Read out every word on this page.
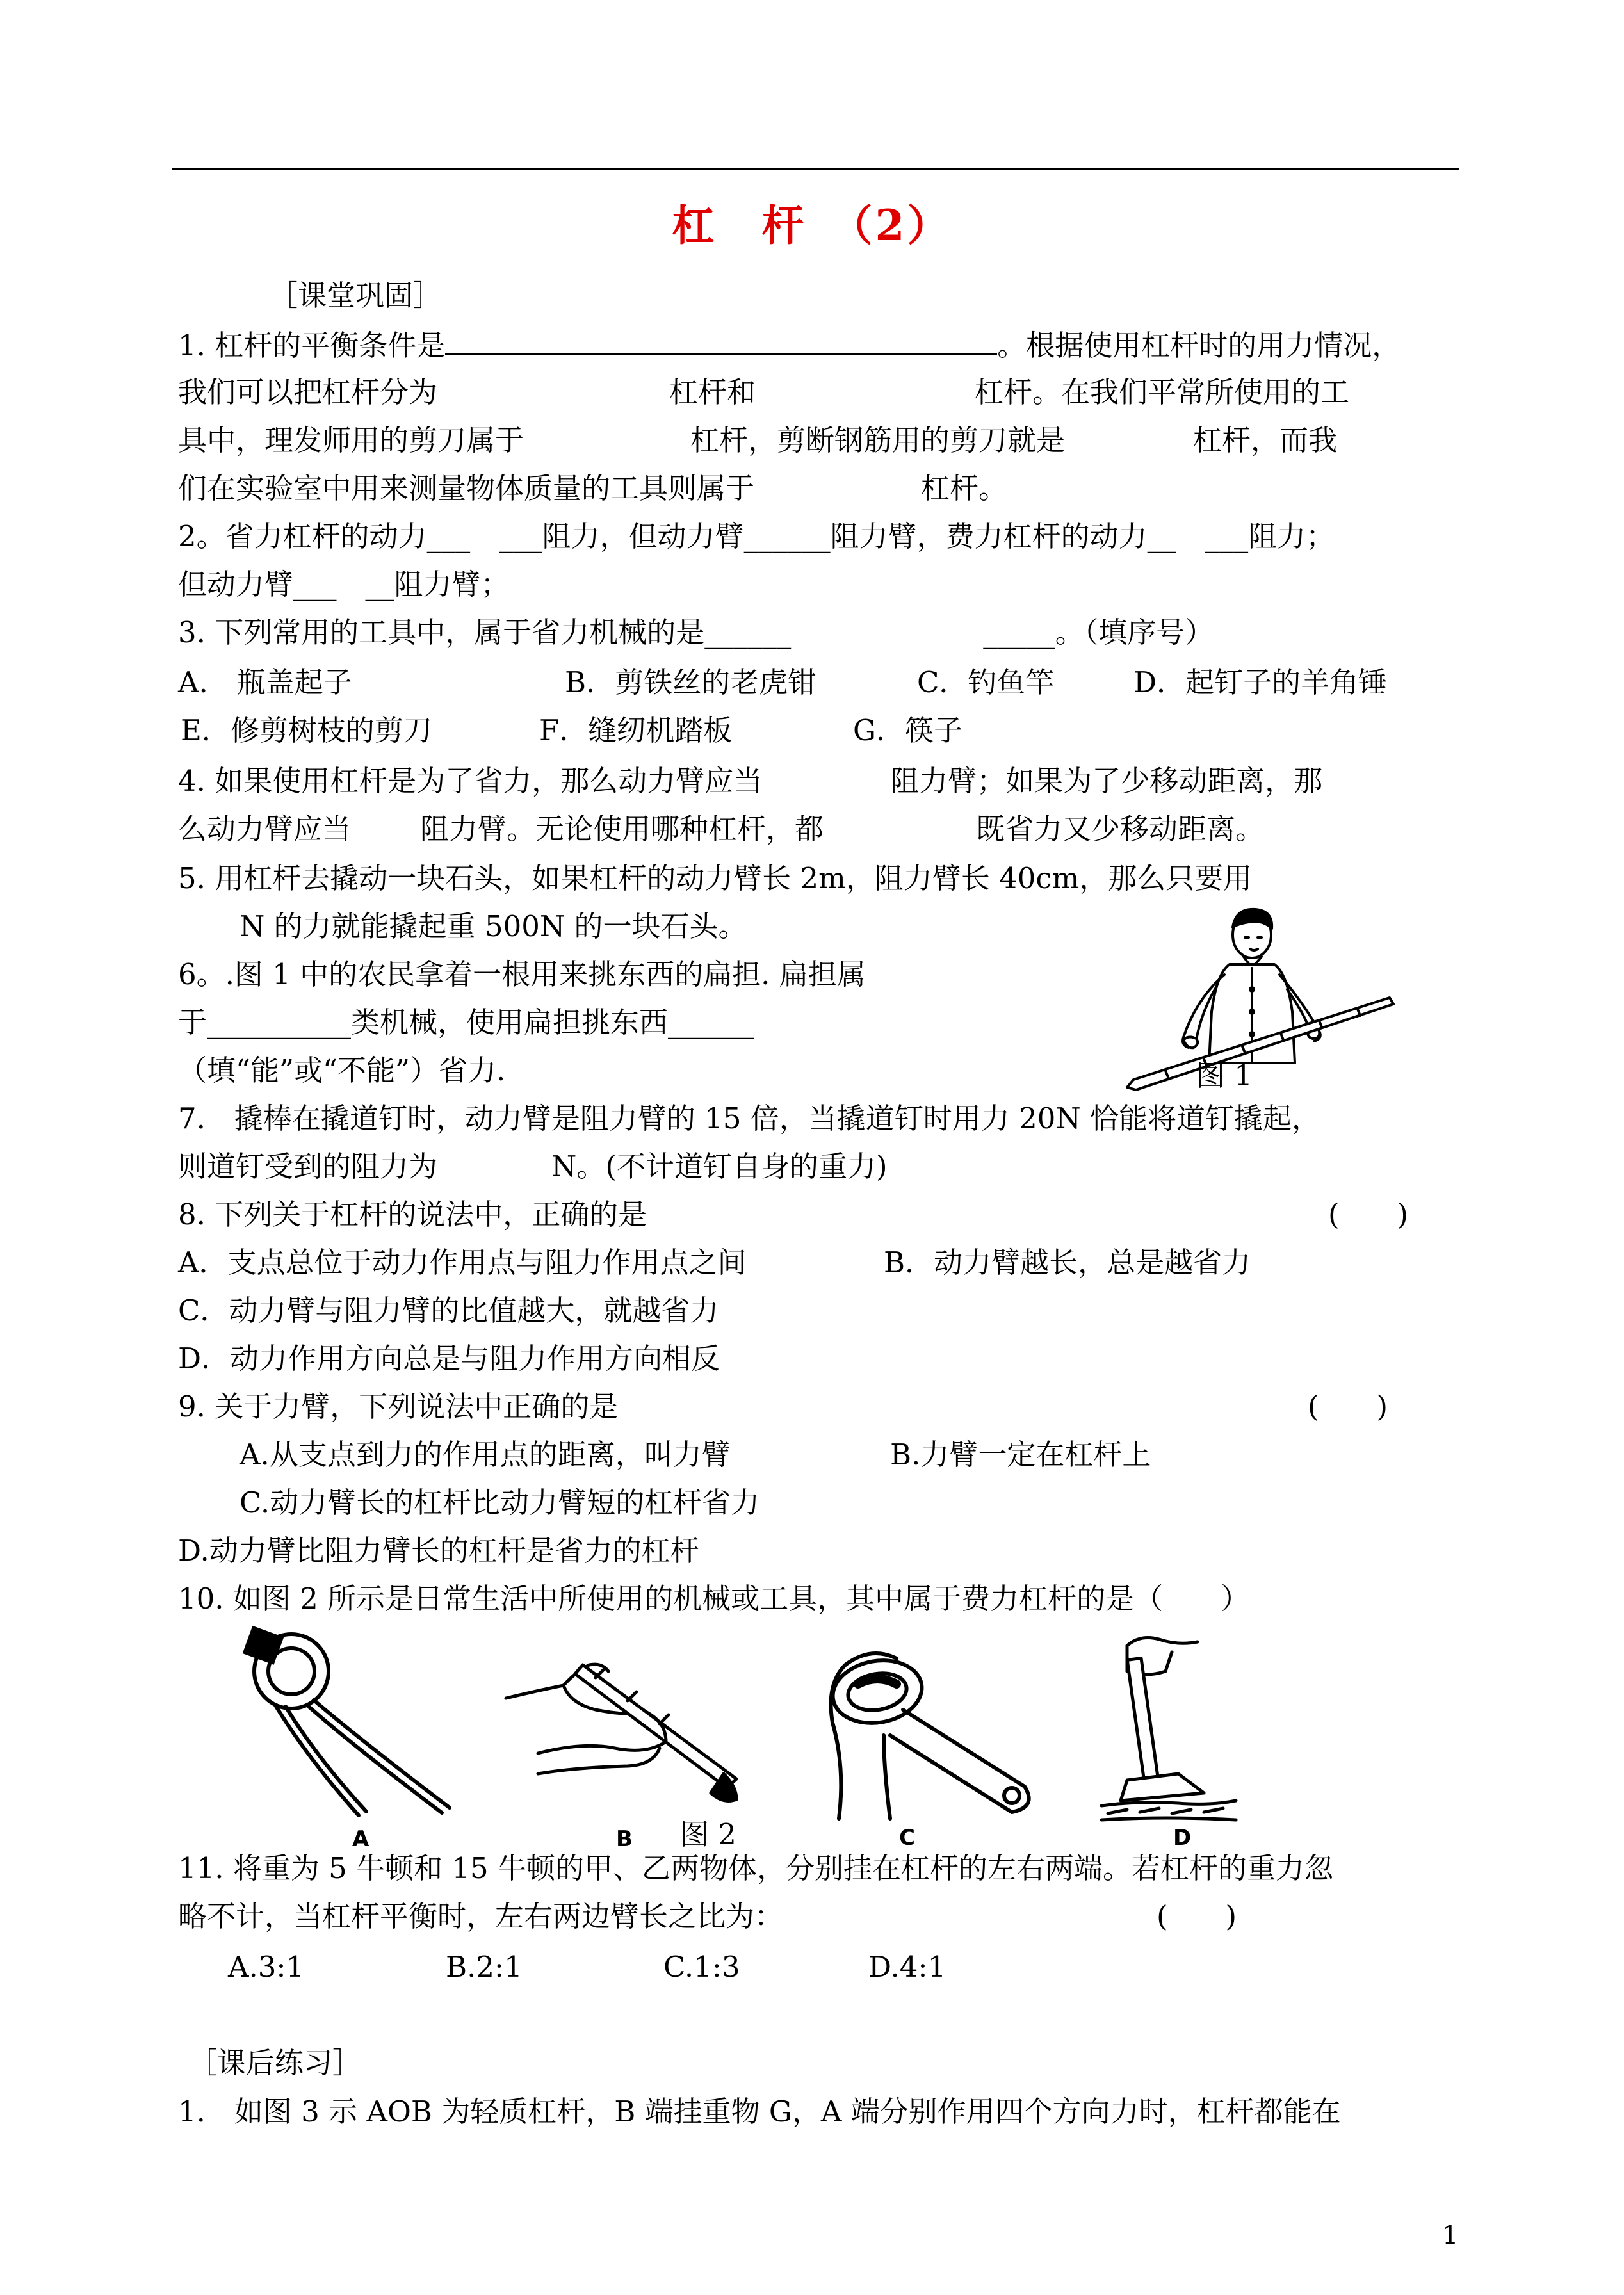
杠　杆　（2）
［课堂巩固］
1. 杠杆的平衡条件是	。根据使用杠杆时的用力情况，
我们可以把杠杆分为	杠杆和	杠杆。在我们平常所使用的工
具中，理发师用的剪刀属于	杠杆，剪断钢筋用的剪刀就是	杠杆，而我
们在实验室中用来测量物体质量的工具则属于	杠杆。
2。省力杠杆的动力___　___阻力，但动力臂______阻力臂，费力杠杆的动力__　___阻力；
但动力臂___　__阻力臂；
3. 下列常用的工具中，属于省力机械的是______	_____。（填序号）
A.　瓶盖起子	B．剪铁丝的老虎钳	C．钓鱼竿	D．起钉子的羊角锤
E．修剪树枝的剪刀	F．缝纫机踏板	G．筷子
4. 如果使用杠杆是为了省力，那么动力臂应当	阻力臂；如果为了少移动距离，那
么动力臂应当 阻力臂。无论使用哪种杠杆，都	既省力又少移动距离。
5. 用杠杆去撬动一块石头，如果杠杆的动力臂长 2m，阻力臂长 40cm，那么只要用
N 的力就能撬起重 500N 的一块石头。
6。.图 1 中的农民拿着一根用来挑东西的扁担. 扁担属
于__________类机械，使用扁担挑东西______
（填“能”或“不能”）省力.	图 1
7.　撬棒在撬道钉时，动力臂是阻力臂的 15 倍，当撬道钉时用力 20N 恰能将道钉撬起，
则道钉受到的阻力为	N。(不计道钉自身的重力)
8. 下列关于杠杆的说法中，正确的是	(　　)
A．支点总位于动力作用点与阻力作用点之间	B．动力臂越长，总是越省力
C．动力臂与阻力臂的比值越大，就越省力
D．动力作用方向总是与阻力作用方向相反
9. 关于力臂，下列说法中正确的是	(　　)
A.从支点到力的作用点的距离，叫力臂	B.力臂一定在杠杆上
C.动力臂长的杠杆比动力臂短的杠杆省力
D.动力臂比阻力臂长的杠杆是省力的杠杆
10. 如图 2 所示是日常生活中所使用的机械或工具，其中属于费力杠杆的是（　　）
A	B	C	D
图 2
11. 将重为 5 牛顿和 15 牛顿的甲、乙两物体，分别挂在杠杆的左右两端。若杠杆的重力忽
略不计，当杠杆平衡时，左右两边臂长之比为：	(　　)
A.3:1	B.2:1	C.1:3	D.4:1
［课后练习］
1.　如图 3 示 AOB 为轻质杠杆，B 端挂重物 G，A 端分别作用四个方向力时，杠杆都能在
1
